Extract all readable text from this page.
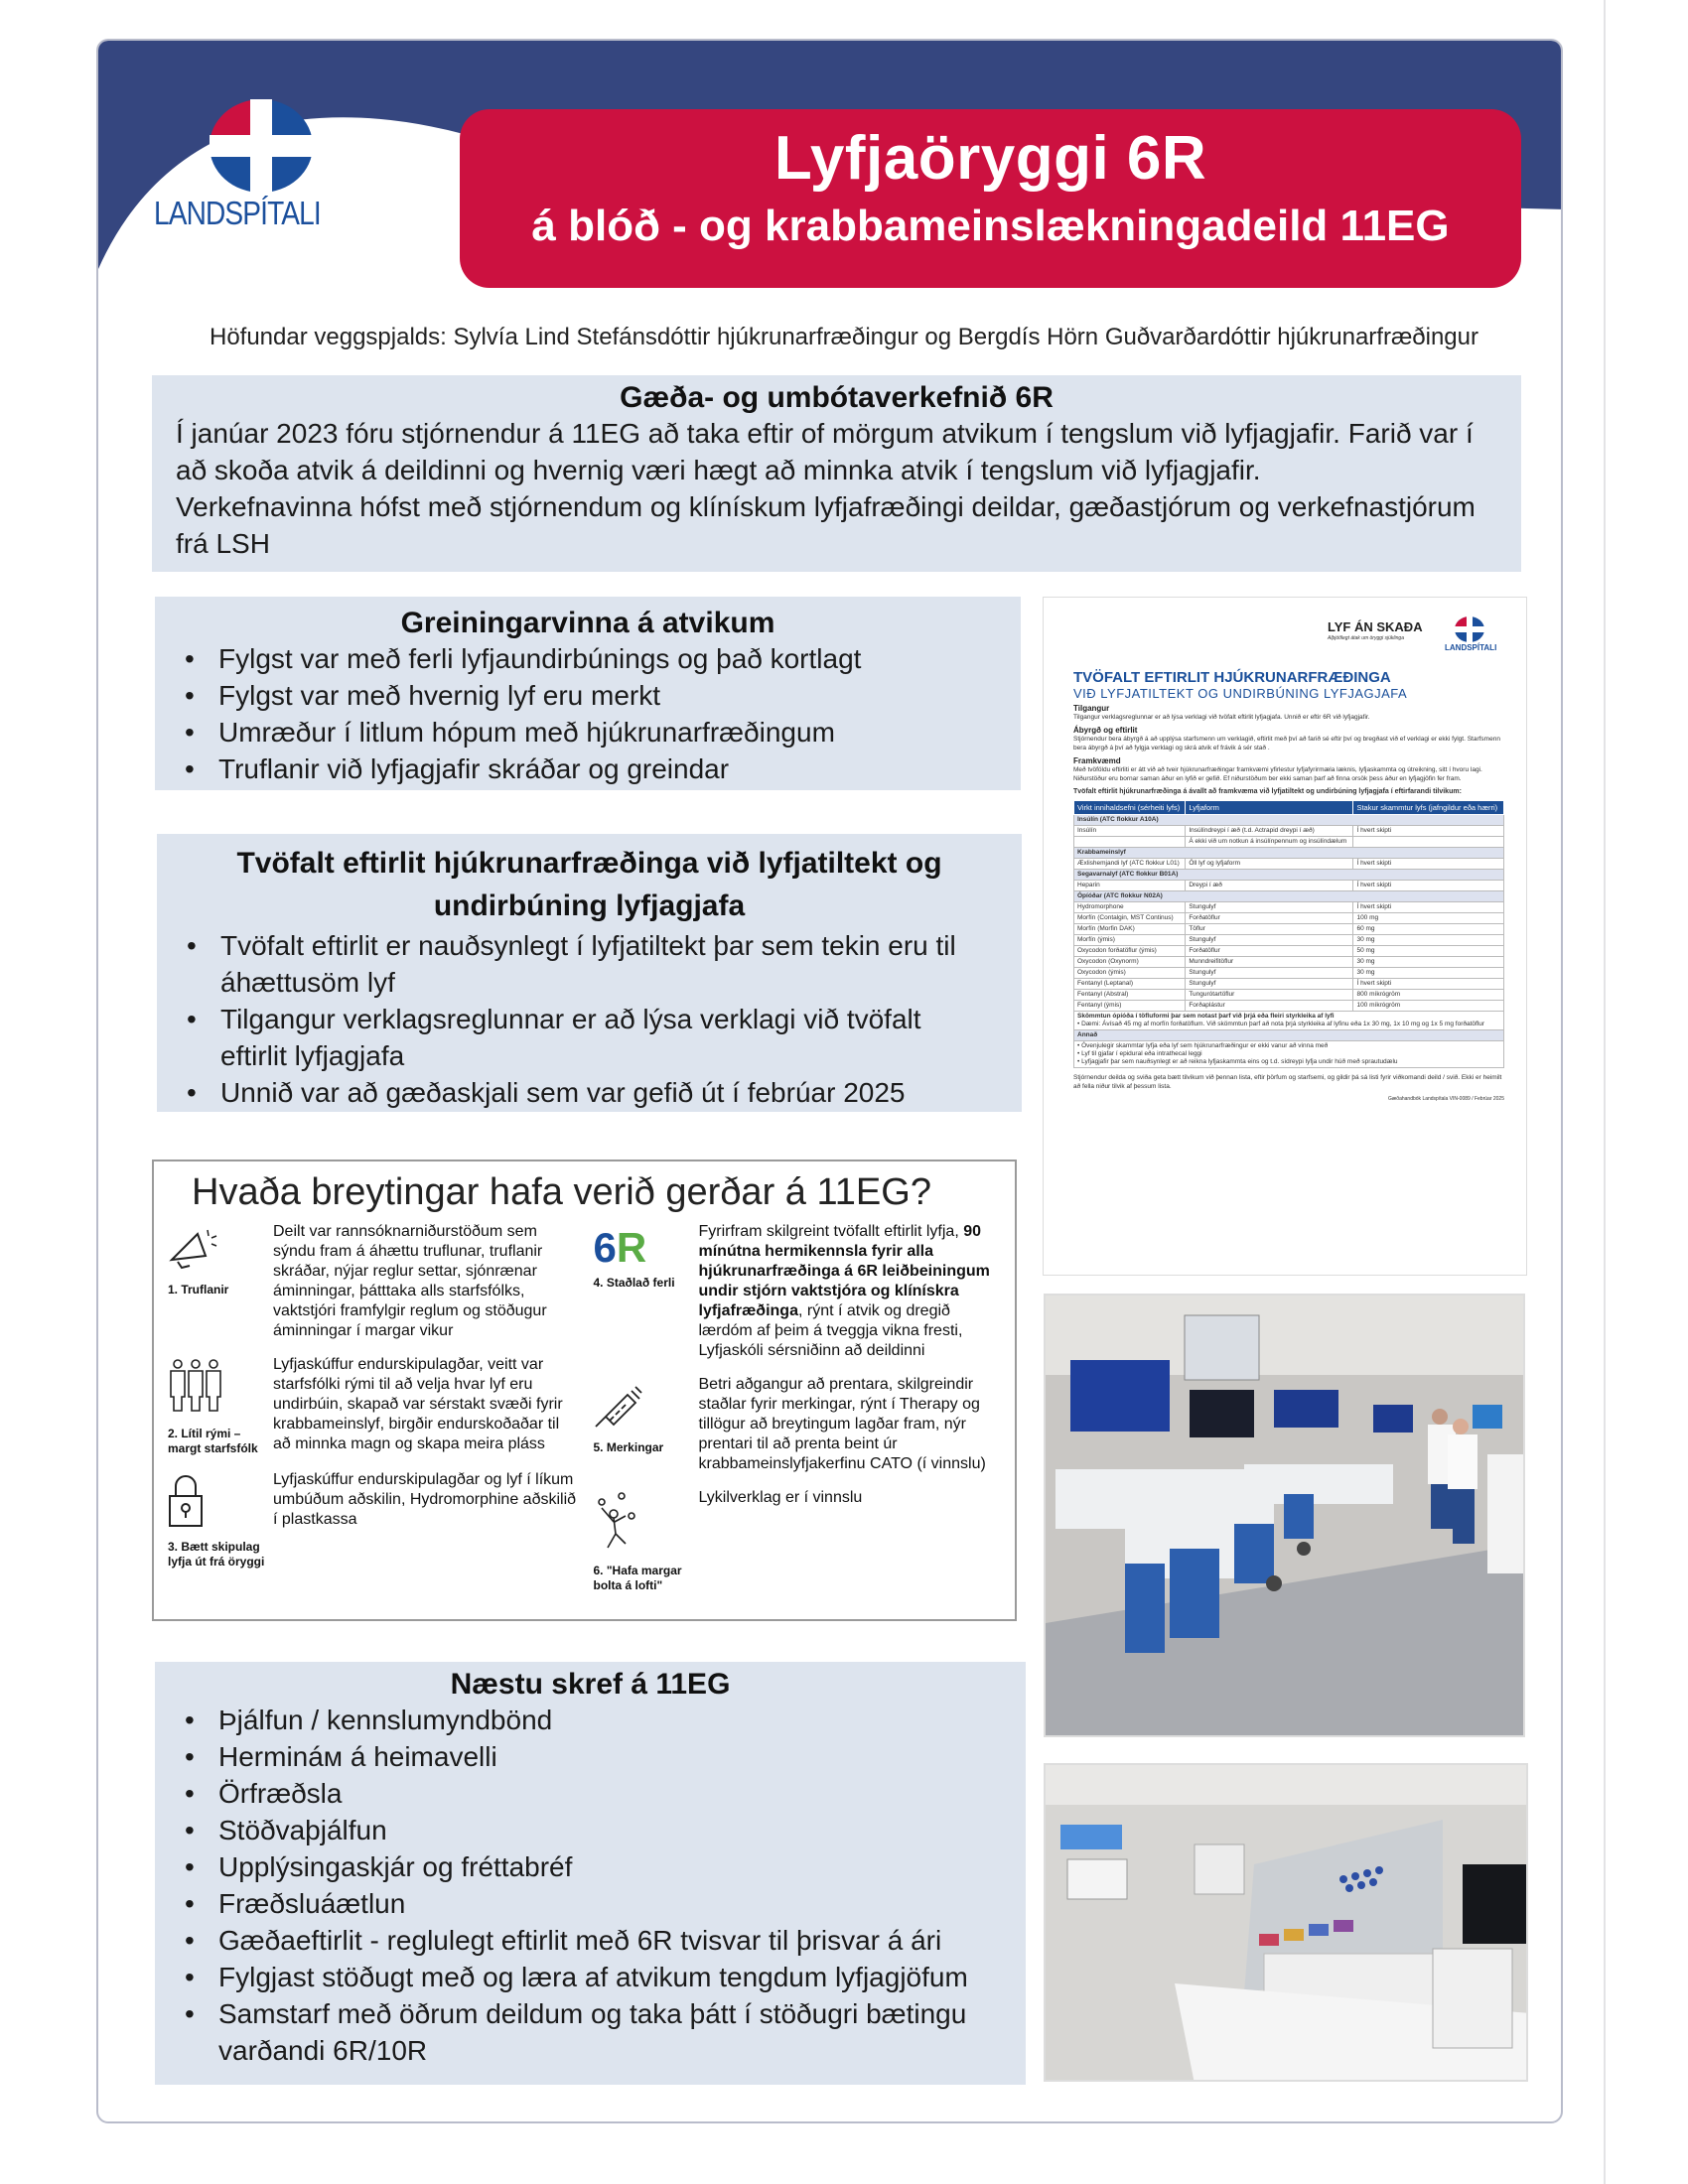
LANDSPÍTALI
Lyfjaöryggi 6R
á blóð - og krabbameinslækningadeild 11EG
Höfundar veggspjalds: Sylvía Lind Stefánsdóttir hjúkrunarfræðingur og Bergdís Hörn Guðvarðardóttir hjúkrunarfræðingur
Gæða- og umbótaverkefnið 6R

Í janúar 2023 fóru stjórnendur á 11EG að taka eftir of mörgum atvikum í tengslum við lyfjagjafir. Farið var í að skoða atvik á deildinni og hvernig væri hægt að minnka atvik í tengslum við lyfjagjafir.

Verkefnavinna hófst með stjórnendum og klínískum lyfjafræðingi deildar, gæðastjórum og verkefnastjórum frá LSH

Greiningarvinna á atvikum
• Fylgst var með ferli lyfjaundirbúnings og það kortlagt
• Fylgst var með hvernig lyf eru merkt
• Umræður í litlum hópum með hjúkrunarfræðingum
• Truflanir við lyfjagjafir skráðar og greindar
Tvöfalt eftirlit hjúkrunarfræðinga við lyfjatiltekt og undirbúning lyfjagjafa
• Tvöfalt eftirlit er nauðsynlegt í lyfjatiltekt þar sem tekin eru til áhættusöm lyf
• Tilgangur verklagsreglunnar er að lýsa verklagi við tvöfalt eftirlit lyfjagjafa
• Unnið var að gæðaskjali sem var gefið út í febrúar 2025
Hvaða breytingar hafa verið gerðar á 11EG?
1. Truflanir
Deilt var rannsóknarniðurstöðum sem sýndu fram á áhættu truflunar, truflanir skráðar, nýjar reglur settar, sjónrænar áminningar, þátttaka alls starfsfólks, vaktstjóri framfylgir reglum og stöðugur áminningar í margar vikur
2. Lítil rými – margt starfsfólk
Lyfjaskúffur endurskipulagðar, veitt var starfsfólki rými til að velja hvar lyf eru undirbúin, skapað var sérstakt svæði fyrir krabbameinslyf, birgðir endurskoðaðar til að minnka magn og skapa meira pláss
3. Bætt skipulag lyfja út frá öryggi
Lyfjaskúffur endurskipulagðar og lyf í líkum umbúðum aðskilin, Hydromorphine aðskilið í plastkassa
6R
4. Staðlað ferli
Fyrirfram skilgreint tvöfallt eftirlit lyfja, 90 mínútna hermikennsla fyrir alla hjúkrunarfræðinga á 6R leiðbeiningum undir stjórn vaktstjóra og klínískra lyfjafræðinga, rýnt í atvik og dregið lærdóm af þeim á tveggja vikna fresti, Lyfjaskóli sérsniðinn að deildinni
5. Merkingar
Betri aðgangur að prentara, skilgreindir staðlar fyrir merkingar, rýnt í Therapy og tillögur að breytingum lagðar fram, nýr prentari til að prenta beint úr krabbameinslyfjakerfinu CATO (í vinnslu)
6. "Hafa margar bolta á lofti"
Lykilverklag er í vinnslu
Næstu skref á 11EG
• Þjálfun / kennslumyndbönd
• Hermináм á heimavelli
• Örfræðsla
• Stöðvaþjálfun
• Upplýsingaskjár og fréttabréf
• Fræðsluáætlun
• Gæðaeftirlit - reglulegt eftirlit með 6R tvisvar til þrisvar á ári
• Fylgjast stöðugt með og læra af atvikum tengdum lyfjagjöfum
• Samstarf með öðrum deildum og taka þátt í stöðugri bætingu varðandi 6R/10R
LYF ÁN SKAÐA
Alþjóðlegt átak um öryggi sjúklinga
LANDSPÍTALI
TVÖFALT EFTIRLIT HJÚKRUNARFRÆÐINGA
VIÐ LYFJATILTEKT OG UNDIRBÚNING LYFJAGJAFA
Tilgangur
Tilgangur verklagsreglunnar er að lýsa verklagi við tvöfalt eftirlit lyfjagjafa. Unnið er eftir 6R við lyfjagjafir.
Ábyrgð og eftirlit
Stjórnendur bera ábyrgð á að upplýsa starfsmenn um verklagið, eftirlit með því að farið sé eftir því og bregðast við ef verklagi er ekki fylgt. Starfsmenn bera ábyrgð á því að fylgja verklagi og skrá atvik ef frávik á sér stað .
Framkvæmd
Með tvöföldu eftirliti er átt við að tveir hjúkrunarfræðingar framkvæmi yfirlestur lyfjafyrirmæla læknis, lyfjaskammta og útreikning, sitt í hvoru lagi. Niðurstöður eru bornar saman áður en lyfið er gefið. Ef niðurstöðum ber ekki saman þarf að finna orsök þess áður en lyfjagjöfin fer fram.
Tvöfalt eftirlit hjúkrunarfræðinga á ávallt að framkvæma við lyfjatiltekt og undirbúning lyfjagjafa í eftirfarandi tilvikum:
Virkt innihaldsefni (sérheiti lyfs)	Lyfjaform	Stakur skammtur lyfs (jafngildur eða hærri)
Insúlín (ATC flokkur A10A)		
Insúlín	Insúlíndreypi í æð (t.d. Actrapid dreypi í æð)	Í hvert skipti
	Á ekki við um notkun á insúlínpennum og insúlíndælum	
Krabbameinslyf		
Æxlishemjandi lyf (ATC flokkur L01)	Öll lyf og lyfjaform	Í hvert skipti
Segavarnalyf (ATC flokkur B01A)		
Heparin	Dreypi í æð	Í hvert skipti
Ópíóðar (ATC flokkur N02A)		
Hydromorphone	Stungulyf	Í hvert skipti
Morfín (Contalgin, MST Continus)	Forðatöflur	100 mg
Morfín (Morfin DAK)	Töflur	60 mg
Morfín (ýmis)	Stungulyf	30 mg
Oxycodon forðatöflur (ýmis)	Forðatöflur	50 mg
Oxycodon (Oxynorm)	Munndreifitöflur	30 mg
Oxycodon (ýmis)	Stungulyf	30 mg
Fentanyl (Leptanal)	Stungulyf	Í hvert skipti
Fentanyl (Abstral)	Tungurótartöflur	800 míkrógröm
Fentanyl (ýmis)	Forðaplástur	100 míkrógröm
Skömmtun ópíóða í töfluformi þar sem notast þarf við þrjá eða fleiri styrkleika af lyfi
• Dæmi: Ávísað 45 mg af morfín forðatöflum. Við skömmtun þarf að nota þrjá styrkleika af lyfinu eða 1x 30 mg, 1x 10 mg og 1x 5 mg forðatöflur		
Annað		

• Óvenjulegir skammtar lyfja eða lyf sem hjúkrunarfræðingur er ekki vanur að vinna með
• Lyf til gjafar í epidural eða intrathecal leggi
• Lyfjagjafir þar sem nauðsynlegt er að reikna lyfjaskammta eins og t.d. sídreypi lyfja undir húð með sprautudælu		
Stjórnendur deilda og sviða geta bætt tilvikum við þennan lista, eftir þörfum og starfsemi, og gildir þá sá listi fyrir viðkomandi deild / svið. Ekki er heimilt að fella niður tilvik af þessum lista.
Gæðahandbók Landspítala VIN-0089 / Febrúar 2025
